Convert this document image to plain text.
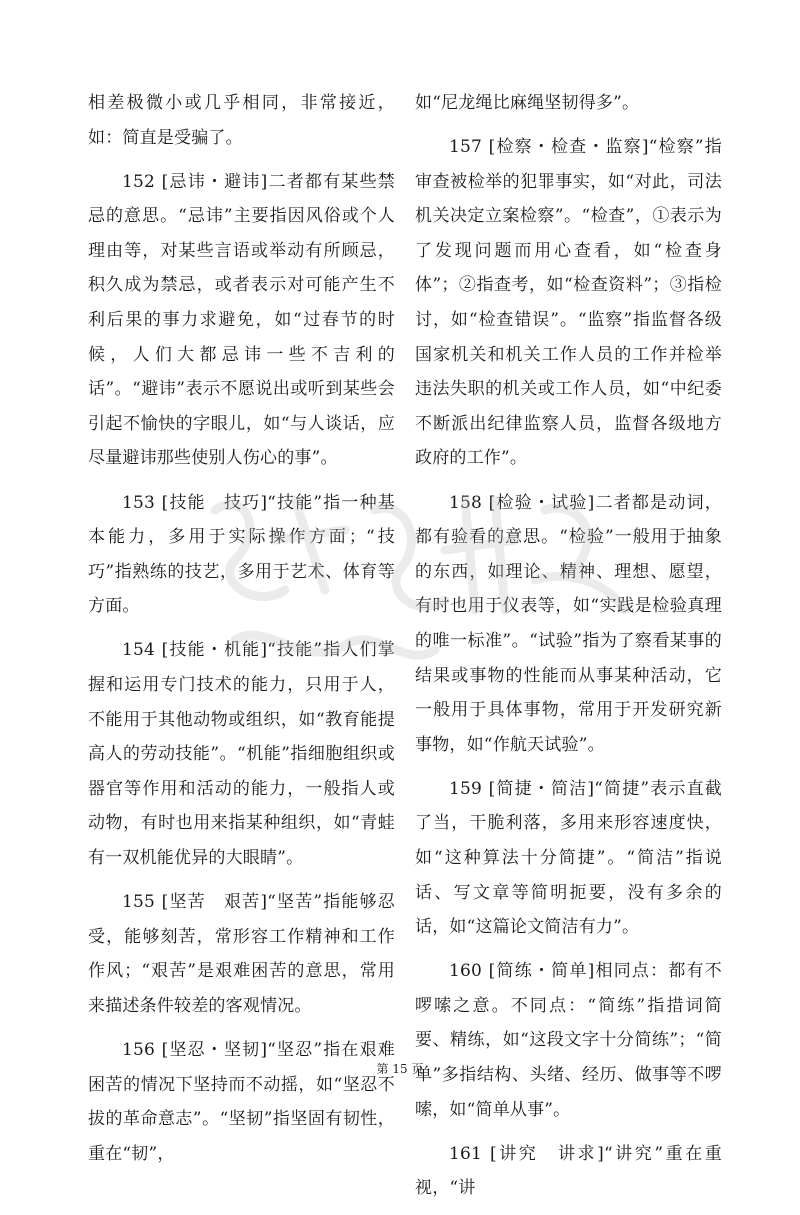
相差极微小或几乎相同，非常接近，如：简直是受骗了。

152 [忌讳・避讳]二者都有某些禁忌的意思。“忌讳”主要指因风俗或个人理由等，对某些言语或举动有所顾忌，积久成为禁忌，或者表示对可能产生不利后果的事力求避免，如“过春节的时候，人们大都忌讳一些不吉利的话”。“避讳”表示不愿说出或听到某些会引起不愉快的字眼儿，如“与人谈话，应尽量避讳那些使别人伤心的事”。

153 [技能　技巧]“技能”指一种基本能力，多用于实际操作方面；“技巧”指熟练的技艺，多用于艺术、体育等方面。

154 [技能・机能]“技能”指人们掌握和运用专门技术的能力，只用于人，不能用于其他动物或组织，如“教育能提高人的劳动技能”。“机能”指细胞组织或器官等作用和活动的能力，一般指人或动物，有时也用来指某种组织，如“青蛙有一双机能优异的大眼睛”。

155 [坚苦　艰苦]“坚苦”指能够忍受，能够刻苦，常形容工作精神和工作作风；“艰苦”是艰难困苦的意思，常用来描述条件较差的客观情况。

156 [坚忍・坚韧]“坚忍”指在艰难困苦的情况下坚持而不动摇，如“坚忍不拔的革命意志”。“坚韧”指坚固有韧性，重在“韧”，

如“尼龙绳比麻绳坚韧得多”。

157 [检察・检查・监察]“检察”指审查被检举的犯罪事实，如“对此，司法机关决定立案检察”。“检查”，①表示为了发现问题而用心查看，如“检查身体”；②指查考，如“检查资料”；③指检讨，如“检查错误”。“监察”指监督各级国家机关和机关工作人员的工作并检举违法失职的机关或工作人员，如“中纪委不断派出纪律监察人员，监督各级地方政府的工作”。

158 [检验・试验]二者都是动词，都有验看的意思。“检验”一般用于抽象的东西，如理论、精神、理想、愿望，有时也用于仪表等，如“实践是检验真理的唯一标准”。“试验”指为了察看某事的结果或事物的性能而从事某种活动，它一般用于具体事物，常用于开发研究新事物，如“作航天试验”。

159 [简捷・简洁]“简捷”表示直截了当，干脆利落，多用来形容速度快，如“这种算法十分简捷”。“简洁”指说话、写文章等简明扼要，没有多余的话，如“这篇论文简洁有力”。

160 [简练・简单]相同点：都有不啰嗦之意。不同点：“简练”指措词简要、精练，如“这段文字十分简练”；“简单”多指结构、头绪、经历、做事等不啰嗦，如“简单从事”。

161 [讲究　讲求]“讲究”重在重视，“讲

第 15 页
